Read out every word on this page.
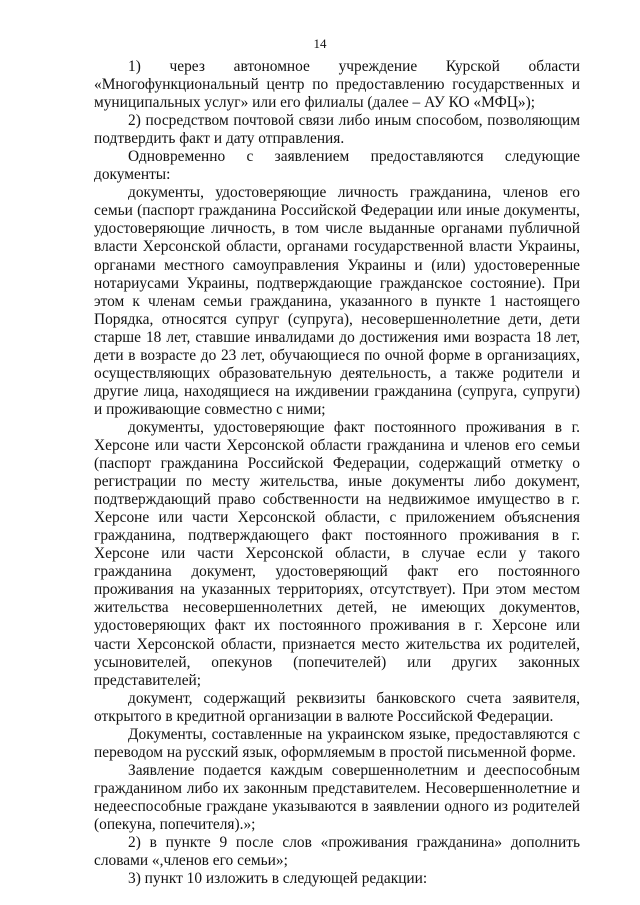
14

1) через автономное учреждение Курской области «Многофункциональный центр по предоставлению государственных и муниципальных услуг» или его филиалы (далее – АУ КО «МФЦ»);

2) посредством почтовой связи либо иным способом, позволяющим подтвердить факт и дату отправления.

Одновременно с заявлением предоставляются следующие документы:

документы, удостоверяющие личность гражданина, членов его семьи (паспорт гражданина Российской Федерации или иные документы, удостоверяющие личность, в том числе выданные органами публичной власти Херсонской области, органами государственной власти Украины, органами местного самоуправления Украины и (или) удостоверенные нотариусами Украины, подтверждающие гражданское состояние). При этом к членам семьи гражданина, указанного в пункте 1 настоящего Порядка, относятся супруг (супруга), несовершеннолетние дети, дети старше 18 лет, ставшие инвалидами до достижения ими возраста 18 лет, дети в возрасте до 23 лет, обучающиеся по очной форме в организациях, осуществляющих образовательную деятельность, а также родители и другие лица, находящиеся на иждивении гражданина (супруга, супруги) и проживающие совместно с ними;

документы, удостоверяющие факт постоянного проживания в г. Херсоне или части Херсонской области гражданина и членов его семьи (паспорт гражданина Российской Федерации, содержащий отметку о регистрации по месту жительства, иные документы либо документ, подтверждающий право собственности на недвижимое имущество в г. Херсоне или части Херсонской области, с приложением объяснения гражданина, подтверждающего факт постоянного проживания в г. Херсоне или части Херсонской области, в случае если у такого гражданина документ, удостоверяющий факт его постоянного проживания на указанных территориях, отсутствует). При этом местом жительства несовершеннолетних детей, не имеющих документов, удостоверяющих факт их постоянного проживания в г. Херсоне или части Херсонской области, признается место жительства их родителей, усыновителей, опекунов (попечителей) или других законных представителей;

документ, содержащий реквизиты банковского счета заявителя, открытого в кредитной организации в валюте Российской Федерации.

Документы, составленные на украинском языке, предоставляются с переводом на русский язык, оформляемым в простой письменной форме.

Заявление подается каждым совершеннолетним и дееспособным гражданином либо их законным представителем. Несовершеннолетние и недееспособные граждане указываются в заявлении одного из родителей (опекуна, попечителя).»;

2) в пункте 9 после слов «проживания гражданина» дополнить словами «,членов его семьи»;

3) пункт 10 изложить в следующей редакции:
